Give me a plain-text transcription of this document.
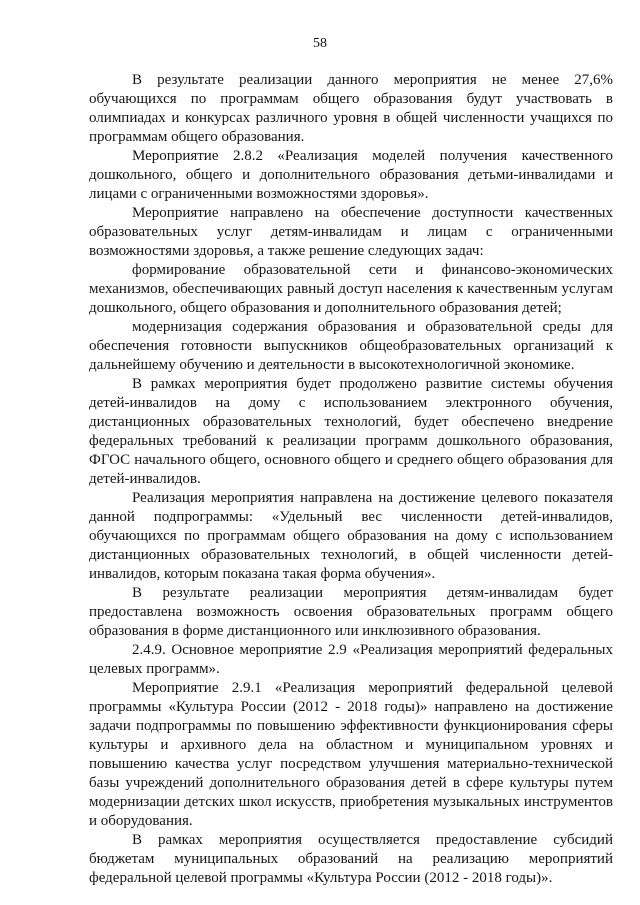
58

В результате реализации данного мероприятия не менее 27,6% обучающихся по программам общего образования будут участвовать в олимпиадах и конкурсах различного уровня в общей численности учащихся по программам общего образования.

Мероприятие 2.8.2 «Реализация моделей получения качественного дошкольного, общего и дополнительного образования детьми-инвалидами и лицами с ограниченными возможностями здоровья».

Мероприятие направлено на обеспечение доступности качественных образовательных услуг детям-инвалидам и лицам с ограниченными возможностями здоровья, а также решение следующих задач:

формирование образовательной сети и финансово-экономических механизмов, обеспечивающих равный доступ населения к качественным услугам дошкольного, общего образования и дополнительного образования детей;

модернизация содержания образования и образовательной среды для обеспечения готовности выпускников общеобразовательных организаций к дальнейшему обучению и деятельности в высокотехнологичной экономике.

В рамках мероприятия будет продолжено развитие системы обучения детей-инвалидов на дому с использованием электронного обучения, дистанционных образовательных технологий, будет обеспечено внедрение федеральных требований к реализации программ дошкольного образования, ФГОС начального общего, основного общего и среднего общего образования для детей-инвалидов.

Реализация мероприятия направлена на достижение целевого показателя данной подпрограммы: «Удельный вес численности детей-инвалидов, обучающихся по программам общего образования на дому с использованием дистанционных образовательных технологий, в общей численности детей-инвалидов, которым показана такая форма обучения».

В результате реализации мероприятия детям-инвалидам будет предоставлена возможность освоения образовательных программ общего образования в форме дистанционного или инклюзивного образования.

2.4.9. Основное мероприятие 2.9 «Реализация мероприятий федеральных целевых программ».

Мероприятие 2.9.1 «Реализация мероприятий федеральной целевой программы «Культура России (2012 - 2018 годы)» направлено на достижение задачи подпрограммы по повышению эффективности функционирования сферы культуры и архивного дела на областном и муниципальном уровнях и повышению качества услуг посредством улучшения материально-технической базы учреждений дополнительного образования детей в сфере культуры путем модернизации детских школ искусств, приобретения музыкальных инструментов и оборудования.

В рамках мероприятия осуществляется предоставление субсидий бюджетам муниципальных образований на реализацию мероприятий федеральной целевой программы «Культура России (2012 - 2018 годы)».
